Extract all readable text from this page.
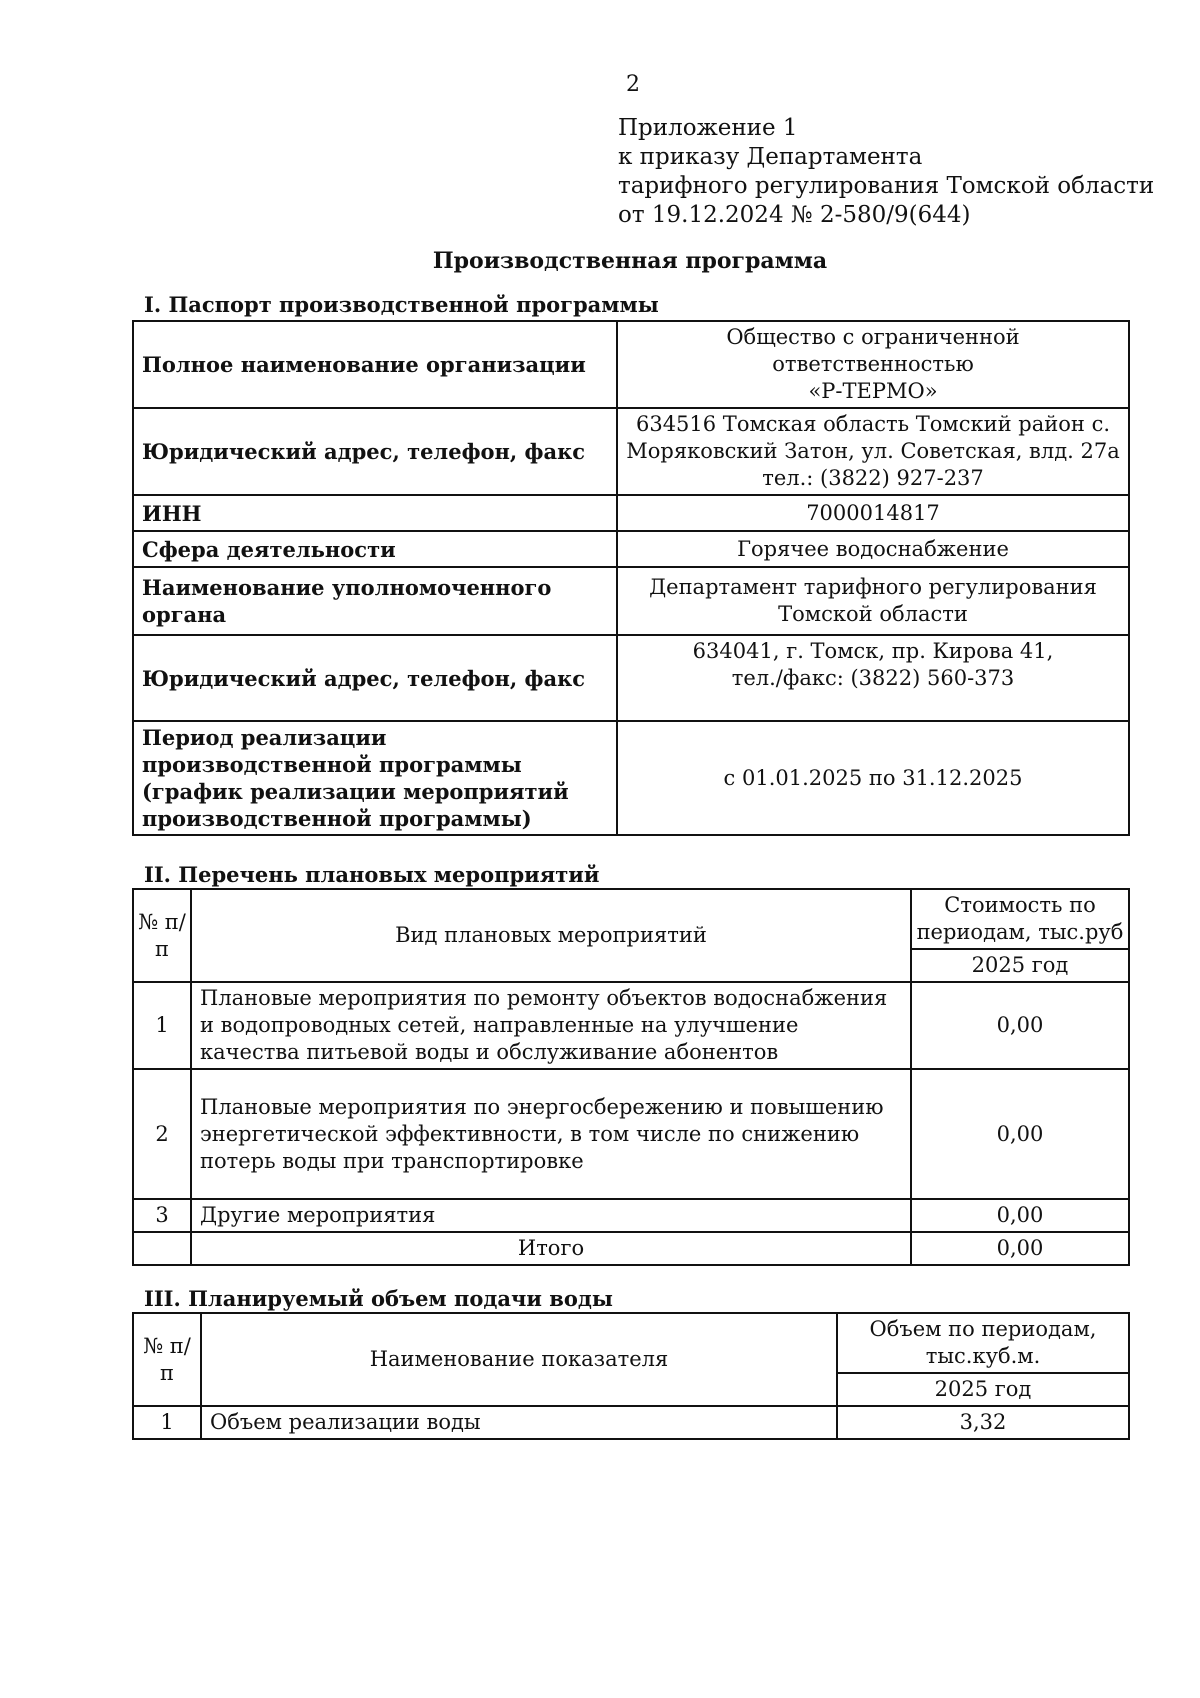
2
Приложение 1
к приказу Департамента
тарифного регулирования Томской области
от 19.12.2024 № 2-580/9(644)
Производственная программа
I. Паспорт производственной программы
Полное наименование организации	Общество с ограниченной ответственностью
«Р-ТЕРМО»

Юридический адрес, телефон, факс	634516 Томская область Томский район с.
Моряковский Затон, ул. Советская, влд. 27а
тел.: (3822) 927-237

ИНН	7000014817

Сфера деятельности	Горячее водоснабжение

Наименование уполномоченного органа	Департамент тарифного регулирования
Томской области

Юридический адрес, телефон, факс	634041, г. Томск, пр. Кирова 41,
тел./факс: (3822) 560-373

Период реализации производственной программы (график реализации мероприятий производственной программы)	с 01.01.2025 по 31.12.2025
II. Перечень плановых мероприятий
№ п/п	Вид плановых мероприятий	Стоимость по периодам, тыс.руб
		2025 год
1	Плановые мероприятия по ремонту объектов водоснабжения и водопроводных сетей, направленные на улучшение качества питьевой воды и обслуживание абонентов	0,00
2	Плановые мероприятия по энергосбережению и повышению энергетической эффективности, в том числе по снижению потерь воды при транспортировке	0,00
3	Другие мероприятия	0,00
	Итого	0,00
III. Планируемый объем подачи воды
№ п/п	Наименование показателя	Объем по периодам, тыс.куб.м.
		2025 год
1	Объем реализации воды	3,32
